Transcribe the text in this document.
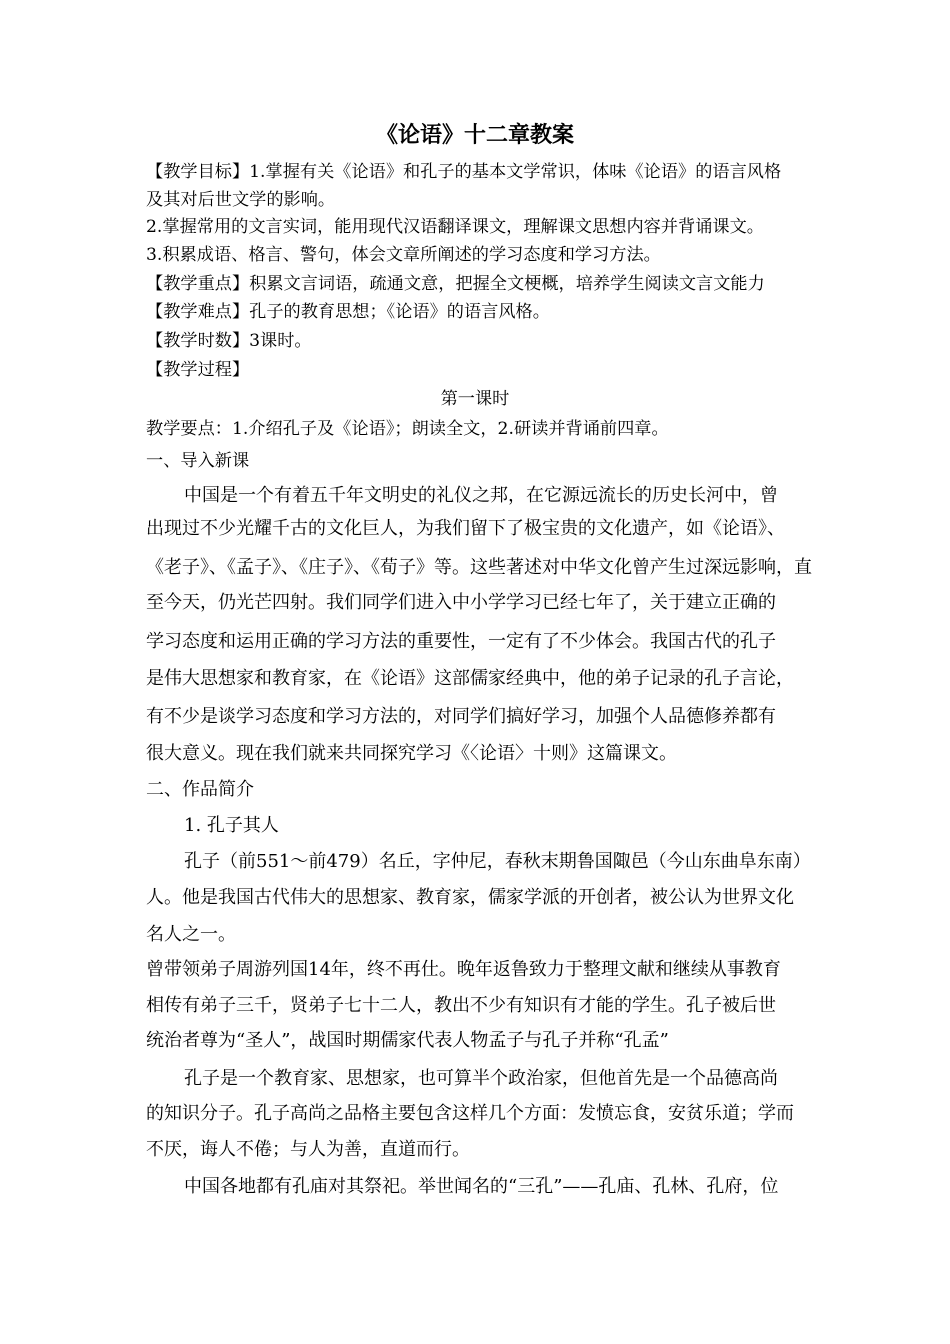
《论语》十二章教案
【教学目标】1.掌握有关《论语》和孔子的基本文学常识，体味《论语》的语言风格
及其对后世文学的影响。
2.掌握常用的文言实词，能用现代汉语翻译课文，理解课文思想内容并背诵课文。
3.积累成语、格言、警句，体会文章所阐述的学习态度和学习方法。
【教学重点】积累文言词语，疏通文意，把握全文梗概，培养学生阅读文言文能力
【教学难点】孔子的教育思想；《论语》的语言风格。
【教学时数】3课时。
【教学过程】
第一课时
教学要点：1.介绍孔子及《论语》；朗读全文，2.研读并背诵前四章。
一、导入新课
中国是一个有着五千年文明史的礼仪之邦，在它源远流长的历史长河中，曾
出现过不少光耀千古的文化巨人，为我们留下了极宝贵的文化遗产，如《论语》、
《老子》、《孟子》、《庄子》、《荀子》等。这些著述对中华文化曾产生过深远影响，直
至今天，仍光芒四射。我们同学们进入中小学学习已经七年了，关于建立正确的
学习态度和运用正确的学习方法的重要性，一定有了不少体会。我国古代的孔子
是伟大思想家和教育家，在《论语》这部儒家经典中，他的弟子记录的孔子言论，
有不少是谈学习态度和学习方法的，对同学们搞好学习，加强个人品德修养都有
很大意义。现在我们就来共同探究学习《〈论语〉十则》这篇课文。
二、作品简介
1. 孔子其人
孔子（前551～前479）名丘，字仲尼，春秋末期鲁国陬邑（今山东曲阜东南）
人。他是我国古代伟大的思想家、教育家，儒家学派的开创者，被公认为世界文化
名人之一。
曾带领弟子周游列国14年，终不再仕。晚年返鲁致力于整理文献和继续从事教育
相传有弟子三千，贤弟子七十二人，教出不少有知识有才能的学生。孔子被后世
统治者尊为“圣人”，战国时期儒家代表人物孟子与孔子并称“孔孟”
孔子是一个教育家、思想家，也可算半个政治家，但他首先是一个品德高尚
的知识分子。孔子高尚之品格主要包含这样几个方面：发愤忘食，安贫乐道；学而
不厌，诲人不倦；与人为善，直道而行。
中国各地都有孔庙对其祭祀。举世闻名的“三孔”——孔庙、孔林、孔府，位
